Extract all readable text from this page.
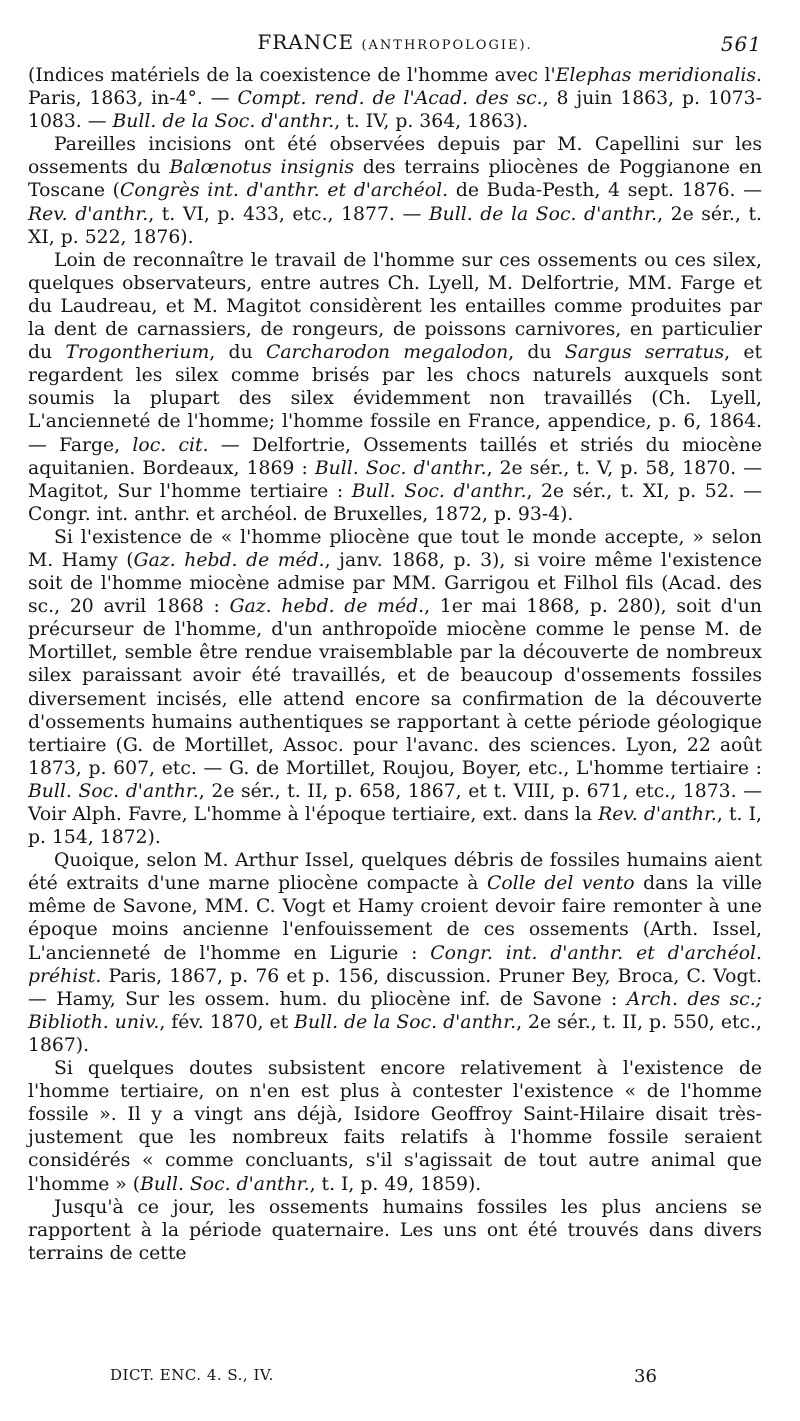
FRANCE (ANTHROPOLOGIE).	561

(Indices matériels de la coexistence de l'homme avec l'Elephas meridionalis. Paris, 1863, in-4°. — Compt. rend. de l'Acad. des sc., 8 juin 1863, p. 1073-1083. — Bull. de la Soc. d'anthr., t. IV, p. 364, 1863).

Pareilles incisions ont été observées depuis par M. Capellini sur les ossements du Balœnotus insignis des terrains pliocènes de Poggianone en Toscane (Congrès int. d'anthr. et d'archéol. de Buda-Pesth, 4 sept. 1876. — Rev. d'anthr., t. VI, p. 433, etc., 1877. — Bull. de la Soc. d'anthr., 2e sér., t. XI, p. 522, 1876).

Loin de reconnaître le travail de l'homme sur ces ossements ou ces silex, quelques observateurs, entre autres Ch. Lyell, M. Delfortrie, MM. Farge et du Laudreau, et M. Magitot considèrent les entailles comme produites par la dent de carnassiers, de rongeurs, de poissons carnivores, en particulier du Trogontherium, du Carcharodon megalodon, du Sargus serratus, et regardent les silex comme brisés par les chocs naturels auxquels sont soumis la plupart des silex évidemment non travaillés (Ch. Lyell, L'ancienneté de l'homme; l'homme fossile en France, appendice, p. 6, 1864. — Farge, loc. cit. — Delfortrie, Ossements taillés et striés du miocène aquitanien. Bordeaux, 1869 : Bull. Soc. d'anthr., 2e sér., t. V, p. 58, 1870. — Magitot, Sur l'homme tertiaire : Bull. Soc. d'anthr., 2e sér., t. XI, p. 52. — Congr. int. anthr. et archéol. de Bruxelles, 1872, p. 93-4).

Si l'existence de « l'homme pliocène que tout le monde accepte, » selon M. Hamy (Gaz. hebd. de méd., janv. 1868, p. 3), si voire même l'existence soit de l'homme miocène admise par MM. Garrigou et Filhol fils (Acad. des sc., 20 avril 1868 : Gaz. hebd. de méd., 1er mai 1868, p. 280), soit d'un précurseur de l'homme, d'un anthropoïde miocène comme le pense M. de Mortillet, semble être rendue vraisemblable par la découverte de nombreux silex paraissant avoir été travaillés, et de beaucoup d'ossements fossiles diversement incisés, elle attend encore sa confirmation de la découverte d'ossements humains authentiques se rapportant à cette période géologique tertiaire (G. de Mortillet, Assoc. pour l'avanc. des sciences. Lyon, 22 août 1873, p. 607, etc. — G. de Mortillet, Roujou, Boyer, etc., L'homme tertiaire : Bull. Soc. d'anthr., 2e sér., t. II, p. 658, 1867, et t. VIII, p. 671, etc., 1873. — Voir Alph. Favre, L'homme à l'époque tertiaire, ext. dans la Rev. d'anthr., t. I, p. 154, 1872).

Quoique, selon M. Arthur Issel, quelques débris de fossiles humains aient été extraits d'une marne pliocène compacte à Colle del vento dans la ville même de Savone, MM. C. Vogt et Hamy croient devoir faire remonter à une époque moins ancienne l'enfouissement de ces ossements (Arth. Issel, L'ancienneté de l'homme en Ligurie : Congr. int. d'anthr. et d'archéol. préhist. Paris, 1867, p. 76 et p. 156, discussion. Pruner Bey, Broca, C. Vogt. — Hamy, Sur les ossem. hum. du pliocène inf. de Savone : Arch. des sc.; Biblioth. univ., fév. 1870, et Bull. de la Soc. d'anthr., 2e sér., t. II, p. 550, etc., 1867).

Si quelques doutes subsistent encore relativement à l'existence de l'homme tertiaire, on n'en est plus à contester l'existence « de l'homme fossile ». Il y a vingt ans déjà, Isidore Geoffroy Saint-Hilaire disait très-justement que les nombreux faits relatifs à l'homme fossile seraient considérés « comme concluants, s'il s'agissait de tout autre animal que l'homme » (Bull. Soc. d'anthr., t. I, p. 49, 1859).

Jusqu'à ce jour, les ossements humains fossiles les plus anciens se rapportent à la période quaternaire. Les uns ont été trouvés dans divers terrains de cette

DICT. ENC. 4. S., IV.	36
